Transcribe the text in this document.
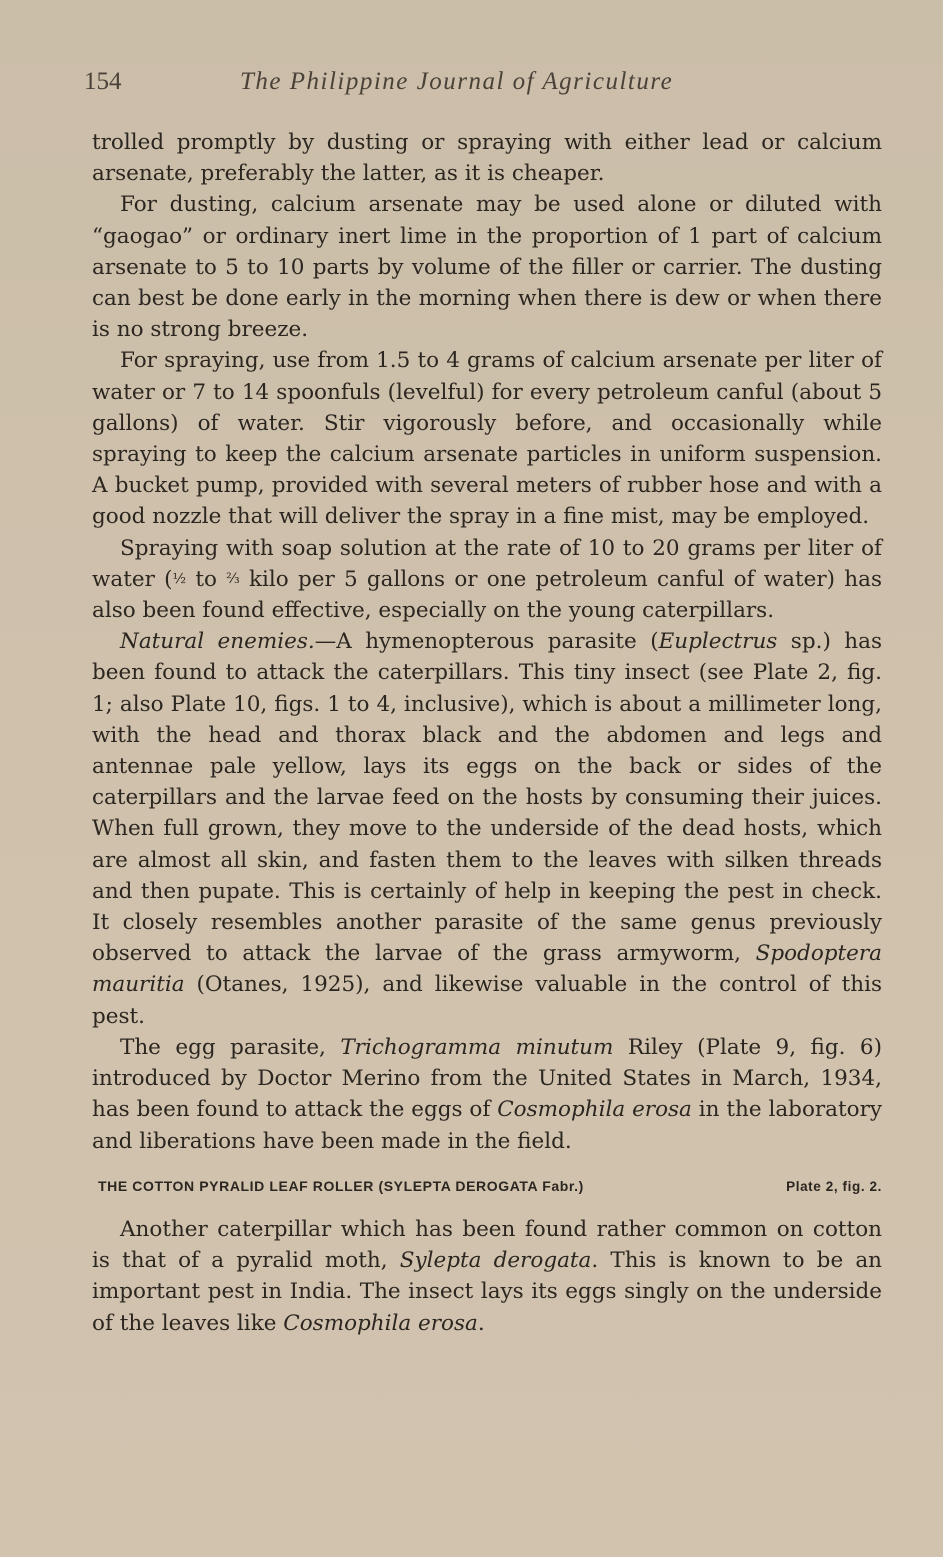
154	The Philippine Journal of Agriculture

trolled promptly by dusting or spraying with either lead or calcium arsenate, preferably the latter, as it is cheaper.

For dusting, calcium arsenate may be used alone or diluted with “gaogao” or ordinary inert lime in the proportion of 1 part of calcium arsenate to 5 to 10 parts by volume of the filler or carrier. The dusting can best be done early in the morning when there is dew or when there is no strong breeze.

For spraying, use from 1.5 to 4 grams of calcium arsenate per liter of water or 7 to 14 spoonfuls (levelful) for every petroleum canful (about 5 gallons) of water. Stir vigorously before, and occasionally while spraying to keep the calcium arsenate particles in uniform suspension. A bucket pump, provided with several meters of rubber hose and with a good nozzle that will deliver the spray in a fine mist, may be employed.

Spraying with soap solution at the rate of 10 to 20 grams per liter of water (½ to ⅔ kilo per 5 gallons or one petroleum canful of water) has also been found effective, especially on the young caterpillars.

Natural enemies.—A hymenopterous parasite (Euplectrus sp.) has been found to attack the caterpillars. This tiny insect (see Plate 2, fig. 1; also Plate 10, figs. 1 to 4, inclusive), which is about a millimeter long, with the head and thorax black and the abdomen and legs and antennae pale yellow, lays its eggs on the back or sides of the caterpillars and the larvae feed on the hosts by consuming their juices. When full grown, they move to the underside of the dead hosts, which are almost all skin, and fasten them to the leaves with silken threads and then pupate. This is certainly of help in keeping the pest in check. It closely resembles another parasite of the same genus previously observed to attack the larvae of the grass armyworm, Spodoptera mauritia (Otanes, 1925), and likewise valuable in the control of this pest.

The egg parasite, Trichogramma minutum Riley (Plate 9, fig. 6) introduced by Doctor Merino from the United States in March, 1934, has been found to attack the eggs of Cosmophila erosa in the laboratory and liberations have been made in the field.

THE COTTON PYRALID LEAF ROLLER (SYLEPTA DEROGATA Fabr.)	Plate 2, fig. 2.

Another caterpillar which has been found rather common on cotton is that of a pyralid moth, Sylepta derogata. This is known to be an important pest in India. The insect lays its eggs singly on the underside of the leaves like Cosmophila erosa.
